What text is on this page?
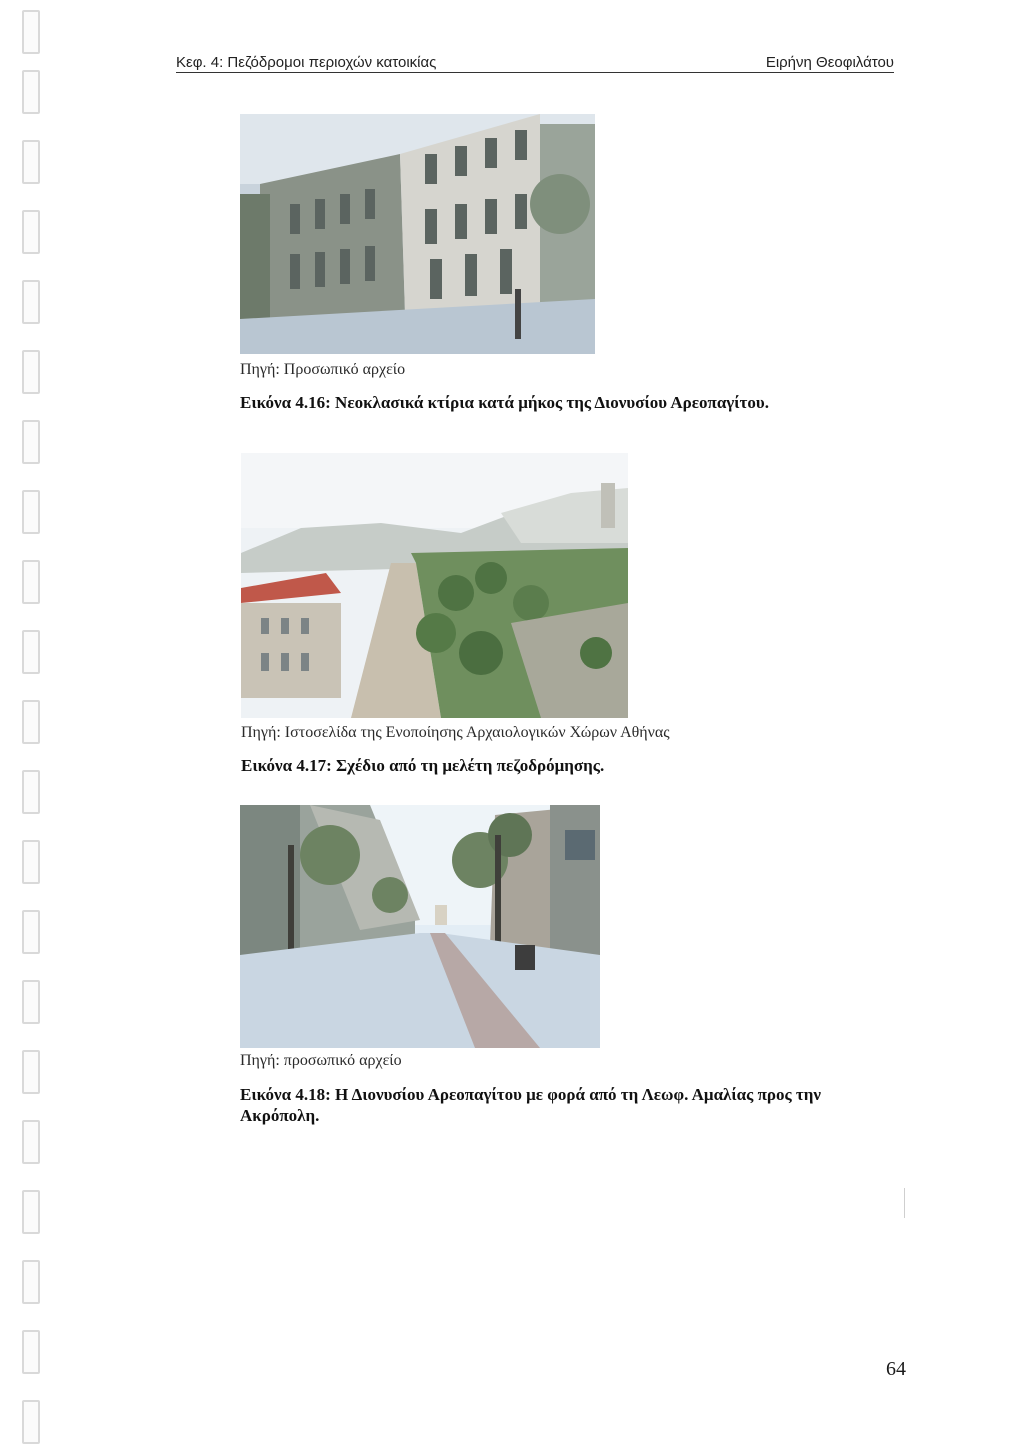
Κεφ. 4: Πεζόδρομοι περιοχών κατοικίας	Ειρήνη Θεοφιλάτου
Πηγή: Προσωπικό αρχείο
Εικόνα 4.16: Νεοκλασικά κτίρια κατά μήκος της Διονυσίου Αρεοπαγίτου.
Πηγή: Ιστοσελίδα της Ενοποίησης Αρχαιολογικών Χώρων Αθήνας
Εικόνα 4.17: Σχέδιο από τη μελέτη πεζοδρόμησης.
Πηγή: προσωπικό αρχείο
Εικόνα 4.18: Η Διονυσίου Αρεοπαγίτου με φορά από τη Λεωφ. Αμαλίας προς την
Ακρόπολη.
64
